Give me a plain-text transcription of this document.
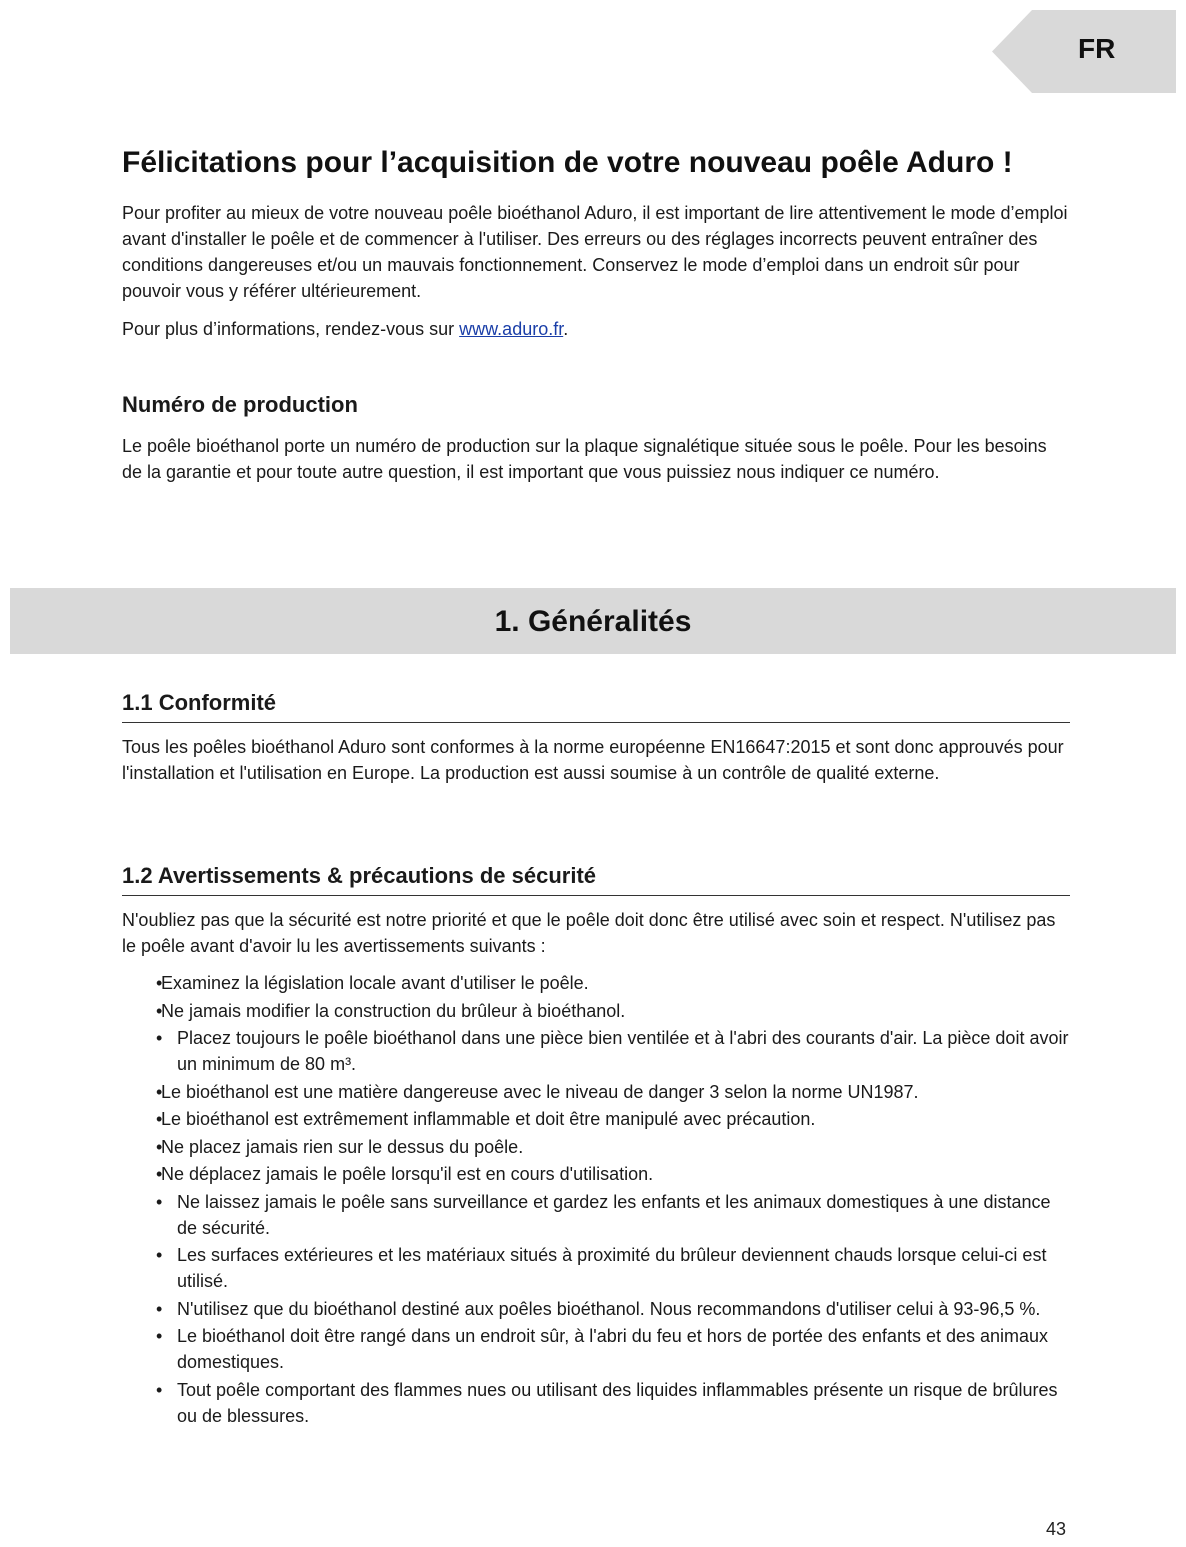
FR
Félicitations pour l’acquisition de votre nouveau poêle Aduro !

Pour profiter au mieux de votre nouveau poêle bioéthanol Aduro, il est important de lire attentivement le mode d’emploi avant d'installer le poêle et de commencer à l'utiliser. Des erreurs ou des réglages incorrects peuvent entraîner des conditions dangereuses et/ou un mauvais fonctionnement. Conservez le mode d’emploi dans un endroit sûr pour pouvoir vous y référer ultérieurement.

Pour plus d’informations, rendez-vous sur www.aduro.fr.

Numéro de production

Le poêle bioéthanol porte un numéro de production sur la plaque signalétique située sous le poêle. Pour les besoins de la garantie et pour toute autre question, il est important que vous puissiez nous indiquer ce numéro.

1. Généralités
1.1 Conformité

Tous les poêles bioéthanol Aduro sont conformes à la norme européenne EN16647:2015 et sont donc approuvés pour l'installation et l'utilisation en Europe. La production est aussi soumise à un contrôle de qualité externe.

1.2 Avertissements & précautions de sécurité

N'oubliez pas que la sécurité est notre priorité et que le poêle doit donc être utilisé avec soin et respect. N'utilisez pas le poêle avant d'avoir lu les avertissements suivants :

•
Examinez la législation locale avant d'utiliser le poêle.
•
Ne jamais modifier la construction du brûleur à bioéthanol.
• Placez toujours le poêle bioéthanol dans une pièce bien ventilée et à l'abri des courants d'air. La pièce doit avoir un minimum de 80 m³.
•
Le bioéthanol est une matière dangereuse avec le niveau de danger 3 selon la norme UN1987.
•
Le bioéthanol est extrêmement inflammable et doit être manipulé avec précaution.
•
Ne placez jamais rien sur le dessus du poêle.
•
Ne déplacez jamais le poêle lorsqu'il est en cours d'utilisation.
• Ne laissez jamais le poêle sans surveillance et gardez les enfants et les animaux domestiques à une distance de sécurité.
• Les surfaces extérieures et les matériaux situés à proximité du brûleur deviennent chauds lorsque celui-ci est utilisé.
• N'utilisez que du bioéthanol destiné aux poêles bioéthanol. Nous recommandons d'utiliser celui à 93-96,5 %.
• Le bioéthanol doit être rangé dans un endroit sûr, à l'abri du feu et hors de portée des enfants et des animaux domestiques.
• Tout poêle comportant des flammes nues ou utilisant des liquides inflammables présente un risque de brûlures ou de blessures.
43
